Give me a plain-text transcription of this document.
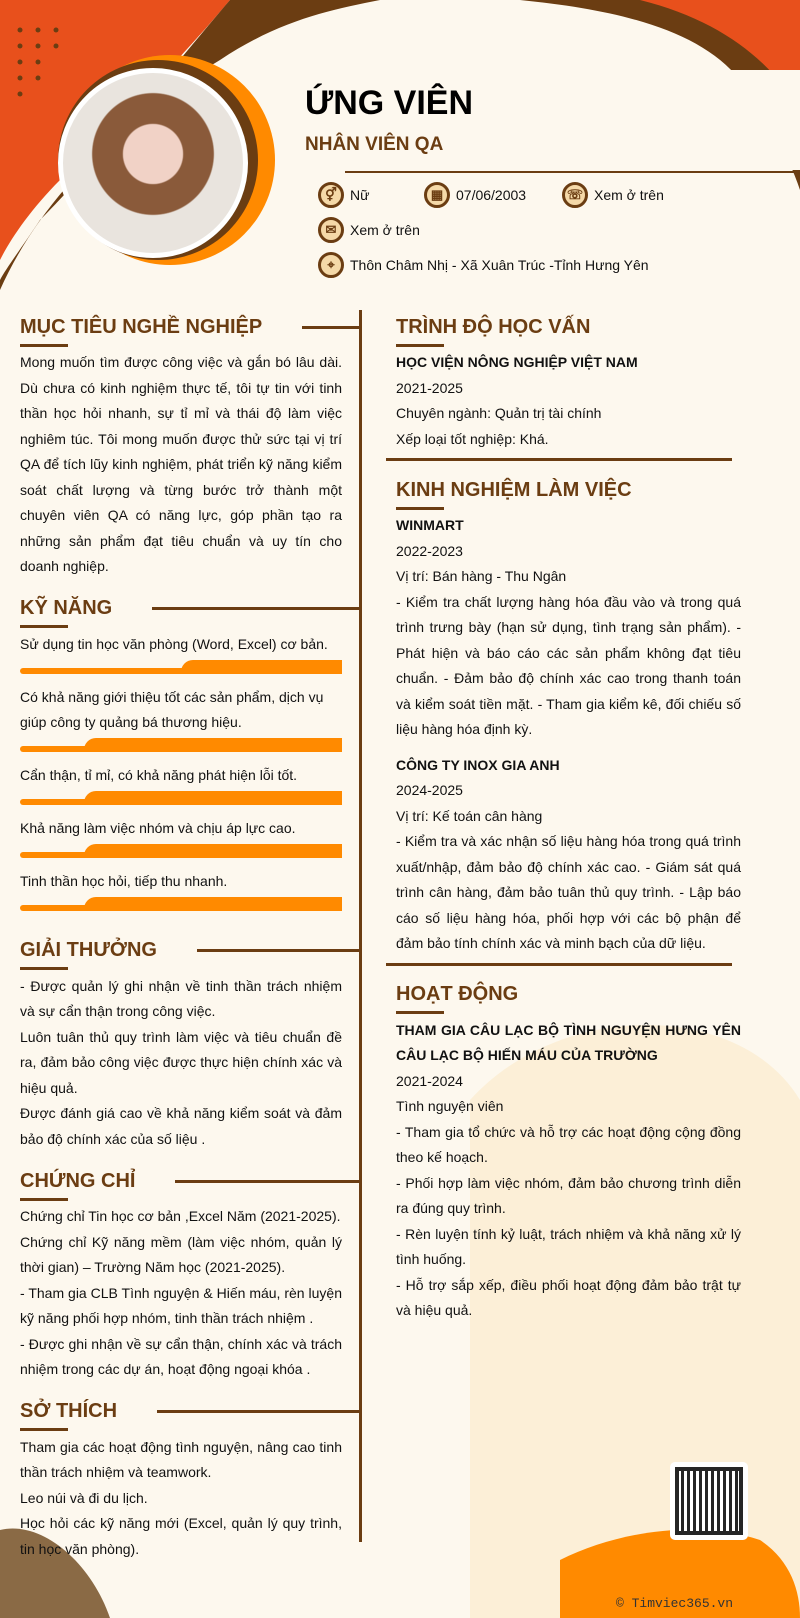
ỨNG VIÊN
NHÂN VIÊN QA
⚥ Nữ	▦ 07/06/2003	☏ Xem ở trên
✉ Xem ở trên
⌖	Thôn Châm Nhị - Xã Xuân Trúc -Tỉnh Hưng Yên
MỤC TIÊU NGHỀ NGHIỆP
Mong muốn tìm được công việc và gắn bó lâu dài. Dù chưa có kinh nghiệm thực tế, tôi tự tin với tinh thần học hỏi nhanh, sự tỉ mỉ và thái độ làm việc nghiêm túc. Tôi mong muốn được thử sức tại vị trí QA để tích lũy kinh nghiệm, phát triển kỹ năng kiểm soát chất lượng và từng bước trở thành một chuyên viên QA có năng lực, góp phần tạo ra những sản phẩm đạt tiêu chuẩn và uy tín cho doanh nghiệp.
KỸ NĂNG
Sử dụng tin học văn phòng (Word, Excel) cơ bản.
Có khả năng giới thiệu tốt các sản phẩm, dịch vụ giúp công ty quảng bá thương hiệu.
Cẩn thận, tỉ mỉ, có khả năng phát hiện lỗi tốt.
Khả năng làm việc nhóm và chịu áp lực cao.
Tinh thần học hỏi, tiếp thu nhanh.
GIẢI THƯỞNG

- Được quản lý ghi nhận về tinh thần trách nhiệm và sự cẩn thận trong công việc.

Luôn tuân thủ quy trình làm việc và tiêu chuẩn đề ra, đảm bảo công việc được thực hiện chính xác và hiệu quả.

Được đánh giá cao về khả năng kiểm soát và đảm bảo độ chính xác của số liệu .

CHỨNG CHỈ

Chứng chỉ Tin học cơ bản ,Excel Năm (2021-2025).

Chứng chỉ Kỹ năng mềm (làm việc nhóm, quản lý thời gian) – Trường Năm học (2021-2025).

- Tham gia CLB Tình nguyện & Hiến máu, rèn luyện kỹ năng phối hợp nhóm, tinh thần trách nhiệm .

- Được ghi nhận về sự cẩn thận, chính xác và trách nhiệm trong các dự án, hoạt động ngoại khóa .

SỞ THÍCH

Tham gia các hoạt động tình nguyện, nâng cao tinh thần trách nhiệm và teamwork.

Leo núi và đi du lịch.

Học hỏi các kỹ năng mới (Excel, quản lý quy trình, tin học văn phòng).

TRÌNH ĐỘ HỌC VẤN

HỌC VIỆN NÔNG NGHIỆP VIỆT NAM

2021-2025

Chuyên ngành: Quản trị tài chính

Xếp loại tốt nghiệp: Khá.

KINH NGHIỆM LÀM VIỆC

WINMART

2022-2023

Vị trí: Bán hàng - Thu Ngân

- Kiểm tra chất lượng hàng hóa đầu vào và trong quá trình trưng bày (hạn sử dụng, tình trạng sản phẩm). - Phát hiện và báo cáo các sản phẩm không đạt tiêu chuẩn. - Đảm bảo độ chính xác cao trong thanh toán và kiểm soát tiền mặt. - Tham gia kiểm kê, đối chiếu số liệu hàng hóa định kỳ.

CÔNG TY INOX GIA ANH

2024-2025

Vị trí: Kế toán cân hàng

- Kiểm tra và xác nhận số liệu hàng hóa trong quá trình xuất/nhập, đảm bảo độ chính xác cao. - Giám sát quá trình cân hàng, đảm bảo tuân thủ quy trình. - Lập báo cáo số liệu hàng hóa, phối hợp với các bộ phận để đảm bảo tính chính xác và minh bạch của dữ liệu.

HOẠT ĐỘNG

THAM GIA CÂU LẠC BỘ TÌNH NGUYỆN HƯNG YÊN CÂU LẠC BỘ HIẾN MÁU CỦA TRƯỜNG

2021-2024

Tình nguyện viên

- Tham gia tổ chức và hỗ trợ các hoạt động cộng đồng theo kế hoạch.

- Phối hợp làm việc nhóm, đảm bảo chương trình diễn ra đúng quy trình.

- Rèn luyện tính kỷ luật, trách nhiệm và khả năng xử lý tình huống.

- Hỗ trợ sắp xếp, điều phối hoạt động đảm bảo trật tự và hiệu quả.

© Timviec365.vn
